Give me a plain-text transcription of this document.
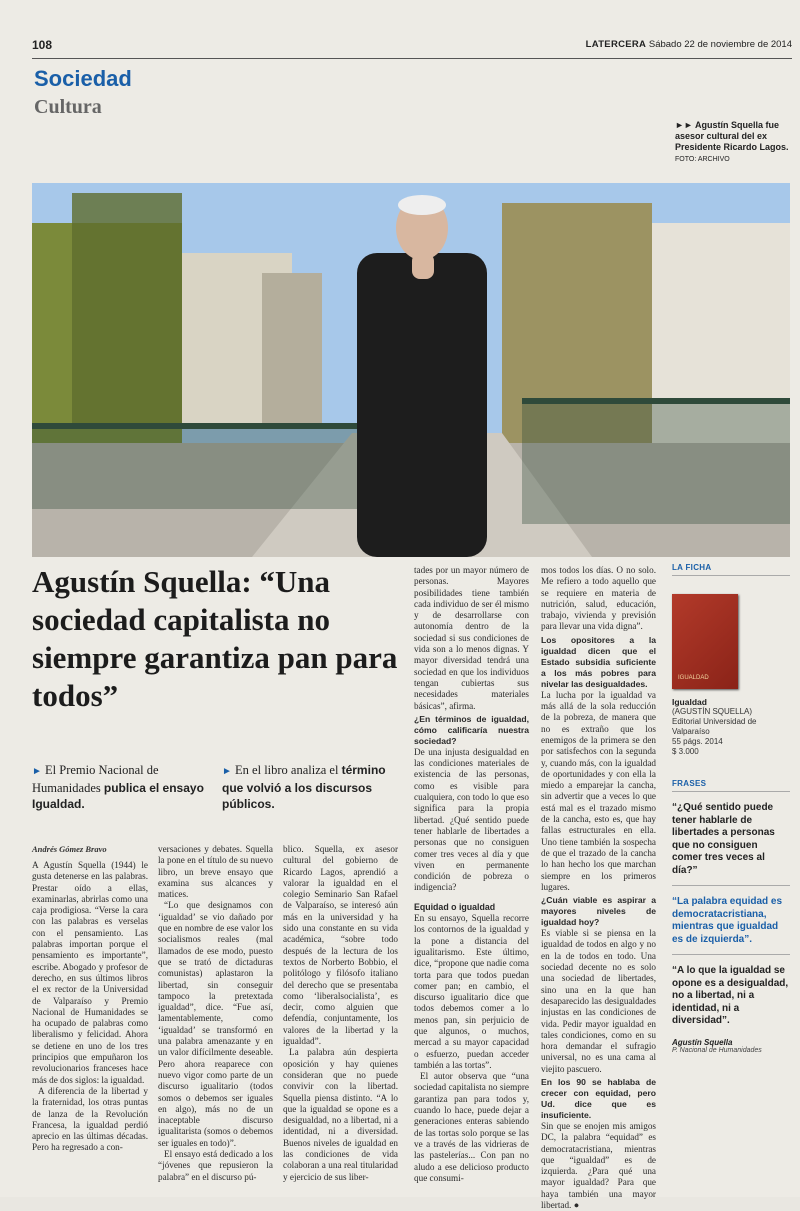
108	LATERCERA Sábado 22 de noviembre de 2014
Sociedad
Cultura
►► Agustín Squella fue asesor cultural del ex Presidente Ricardo Lagos. FOTO: ARCHIVO
Agustín Squella: “Una sociedad capitalista no siempre garantiza pan para todos”
► El Premio Nacional de Humanidades publica el ensayo Igualdad.
► En el libro analiza el término que volvió a los discursos públicos.
Andrés Gómez Bravo

A Agustín Squella (1944) le gusta detenerse en las palabras. Prestar oído a ellas, examinarlas, abrirlas como una caja prodigiosa. “Verse la cara con las palabras es verselas con el pensamiento. Las palabras importan porque el pensamiento es importante”, escribe. Abogado y profesor de derecho, en sus últimos libros el ex rector de la Universidad de Valparaíso y Premio Nacional de Humanidades se ha ocupado de palabras como liberalismo y felicidad. Ahora se detiene en uno de los tres principios que empuñaron los revolucionarios franceses hace más de dos siglos: la igualdad.

A diferencia de la libertad y la fraternidad, los otras puntas de lanza de la Revolución Francesa, la igualdad perdió aprecio en las últimas décadas. Pero ha regresado a con-

versaciones y debates. Squella la pone en el título de su nuevo libro, un breve ensayo que examina sus alcances y matices.

“Lo que designamos con ‘igualdad’ se vio dañado por que en nombre de ese valor los socialismos reales (mal llamados de ese modo, puesto que se trató de dictaduras comunistas) aplastaron la libertad, sin conseguir tampoco la pretextada igualdad”, dice. “Fue así, lamentablemente, como ‘igualdad’ se transformó en una palabra amenazante y en un valor difícilmente deseable. Pero ahora reaparece con nuevo vigor como parte de un discurso igualitario (todos somos o debemos ser iguales en algo), más no de un inaceptable discurso igualitarista (somos o debemos ser iguales en todo)”.

El ensayo está dedicado a los “jóvenes que repusieron la palabra” en el discurso pú-

blico. Squella, ex asesor cultural del gobierno de Ricardo Lagos, aprendió a valorar la igualdad en el colegio Seminario San Rafael de Valparaíso, se interesó aún más en la universidad y ha sido una constante en su vida académica, “sobre todo después de la lectura de los textos de Norberto Bobbio, el politólogo y filósofo italiano del derecho que se presentaba como ‘liberalsocialista’, es decir, como alguien que defendía, conjuntamente, los valores de la libertad y la igualdad”.

La palabra aún despierta oposición y hay quienes consideran que no puede convivir con la libertad. Squella piensa distinto. “A lo que la igualdad se opone es a desigualdad, no a libertad, ni a identidad, ni a diversidad. Buenos niveles de igualdad en las condiciones de vida colaboran a una real titularidad y ejercicio de sus liber-

tades por un mayor número de personas. Mayores posibilidades tiene también cada individuo de ser él mismo y de desarrollarse con autonomía dentro de la sociedad si sus condiciones de vida son a lo menos dignas. Y mayor diversidad tendrá una sociedad en que los individuos tengan cubiertas sus necesidades materiales básicas”, afirma.

¿En términos de igualdad, cómo calificaría nuestra sociedad?

De una injusta desigualdad en las condiciones materiales de existencia de las personas, como es visible para cualquiera, con todo lo que eso significa para la propia libertad. ¿Qué sentido puede tener hablarle de libertades a personas que no consiguen comer tres veces al día y que viven en permanente condición de pobreza o indigencia?

Equidad o igualdad

En su ensayo, Squella recorre los contornos de la igualdad y la pone a distancia del igualitarismo. Este último, dice, “propone que nadie coma torta para que todos puedan comer pan; en cambio, el discurso igualitario dice que todos debemos comer a lo menos pan, sin perjuicio de que algunos, o muchos, mercad a su mayor capacidad o esfuerzo, puedan acceder también a las tortas”.

El autor observa que “una sociedad capitalista no siempre garantiza pan para todos y, cuando lo hace, puede dejar a generaciones enteras sabiendo de las tortas solo porque se las ve a través de las vidrieras de las pastelerías... Con pan no aludo a ese delicioso producto que consumi-

mos todos los días. O no solo. Me refiero a todo aquello que se requiere en materia de nutrición, salud, educación, trabajo, vivienda y previsión para llevar una vida digna”.

Los opositores a la igualdad dicen que el Estado subsidia suficiente a los más pobres para nivelar las desigualdades.

La lucha por la igualdad va más allá de la sola reducción de la pobreza, de manera que no es extraño que los enemigos de la primera se den por satisfechos con la segunda y, cuando más, con la igualdad de oportunidades y con ella la miedo a emparejar la cancha, sin advertir que a veces lo que está mal es el trazado mismo de la cancha, esto es, que hay fallas estructurales en ella. Uno tiene también la sospecha de que el trazado de la cancha lo han hecho los que marchan siempre en los primeros lugares.

¿Cuán viable es aspirar a mayores niveles de igualdad hoy?

Es viable si se piensa en la igualdad de todos en algo y no en la de todos en todo. Una sociedad decente no es solo una sociedad de libertades, sino una en la que han desaparecido las desigualdades injustas en las condiciones de vida. Pedir mayor igualdad en tales condiciones, como en su hora demandar el sufragio universal, no es una cama al viejito pascuero.

En los 90 se hablaba de crecer con equidad, pero Ud. dice que es insuficiente.

Sin que se enojen mis amigos DC, la palabra “equidad” es democratacristiana, mientras que “igualdad” es de izquierda. ¿Para qué una mayor igualdad? Para que haya también una mayor libertad. ●

LA FICHA
IGUALDAD
Igualdad
(AGUSTÍN SQUELLA)
Editorial Universidad de Valparaíso
55 págs. 2014
$ 3.000
FRASES
“¿Qué sentido puede tener hablarle de libertades a personas que no consiguen comer tres veces al día?”
“La palabra equidad es democratacristiana, mientras que igualdad es de izquierda”.
“A lo que la igualdad se opone es a desigualdad, no a libertad, ni a identidad, ni a diversidad”.
Agustín Squella
P. Nacional de Humanidades
